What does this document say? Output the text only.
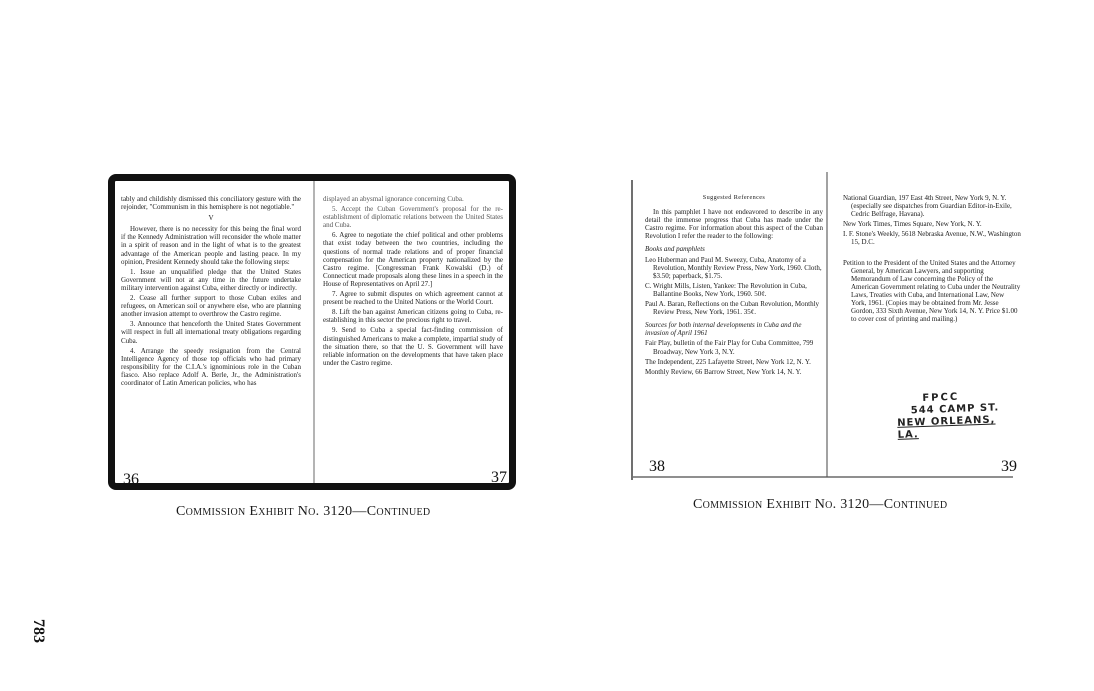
tably and childishly dismissed this conciliatory gesture with the rejoinder, "Communism in this hemisphere is not negotiable."

V

However, there is no necessity for this being the final word if the Kennedy Administration will reconsider the whole matter in a spirit of reason and in the light of what is to the greatest advantage of the American people and lasting peace. In my opinion, President Kennedy should take the following steps:

1. Issue an unqualified pledge that the United States Government will not at any time in the future undertake military intervention against Cuba, either directly or indirectly.

2. Cease all further support to those Cuban exiles and refugees, on American soil or anywhere else, who are planning another invasion attempt to overthrow the Castro regime.

3. Announce that henceforth the United States Government will respect in full all international treaty obligations regarding Cuba.

4. Arrange the speedy resignation from the Central Intelligence Agency of those top officials who had primary responsibility for the C.I.A.'s ignominious role in the Cuban fiasco. Also replace Adolf A. Berle, Jr., the Administration's coordinator of Latin American policies, who has

36

displayed an abysmal ignorance concerning Cuba.

5. Accept the Cuban Government's proposal for the re-establishment of diplomatic relations between the United States and Cuba.

6. Agree to negotiate the chief political and other problems that exist today between the two countries, including the questions of normal trade relations and of proper financial compensation for the American property nationalized by the Castro regime. [Congressman Frank Kowalski (D.) of Connecticut made proposals along these lines in a speech in the House of Representatives on April 27.]

7. Agree to submit disputes on which agreement cannot at present be reached to the United Nations or the World Court.

8. Lift the ban against American citizens going to Cuba, re-establishing in this sector the precious right to travel.

9. Send to Cuba a special fact-finding commission of distinguished Americans to make a complete, impartial study of the situation there, so that the U. S. Government will have reliable information on the developments that have taken place under the Castro regime.

37
Commission Exhibit No. 3120—Continued

Suggested References

In this pamphlet I have not endeavored to describe in any detail the immense progress that Cuba has made under the Castro regime. For information about this aspect of the Cuban Revolution I refer the reader to the following:

Books and pamphlets

Leo Huberman and Paul M. Sweezy, Cuba, Anatomy of a Revolution, Monthly Review Press, New York, 1960. Cloth, $3.50; paperback, $1.75.

C. Wright Mills, Listen, Yankee: The Revolution in Cuba, Ballantine Books, New York, 1960. 50¢.

Paul A. Baran, Reflections on the Cuban Revolution, Monthly Review Press, New York, 1961. 35¢.

Sources for both internal developments in Cuba and the invasion of April 1961

Fair Play, bulletin of the Fair Play for Cuba Committee, 799 Broadway, New York 3, N.Y.

The Independent, 225 Lafayette Street, New York 12, N. Y.

Monthly Review, 66 Barrow Street, New York 14, N. Y.

38

National Guardian, 197 East 4th Street, New York 9, N. Y. (especially see dispatches from Guardian Editor-in-Exile, Cedric Belfrage, Havana).

New York Times, Times Square, New York, N. Y.

I. F. Stone's Weekly, 5618 Nebraska Avenue, N.W., Washington 15, D.C.

Petition to the President of the United States and the Attorney General, by American Lawyers, and supporting Memorandum of Law concerning the Policy of the American Government relating to Cuba under the Neutrality Laws, Treaties with Cuba, and International Law, New York, 1961. (Copies may be obtained from Mr. Jesse Gordon, 333 Sixth Avenue, New York 14, N. Y. Price $1.00 to cover cost of printing and mailing.)

FPCC
544 CAMP ST.
NEW ORLEANS, LA.
39
Commission Exhibit No. 3120—Continued
783
